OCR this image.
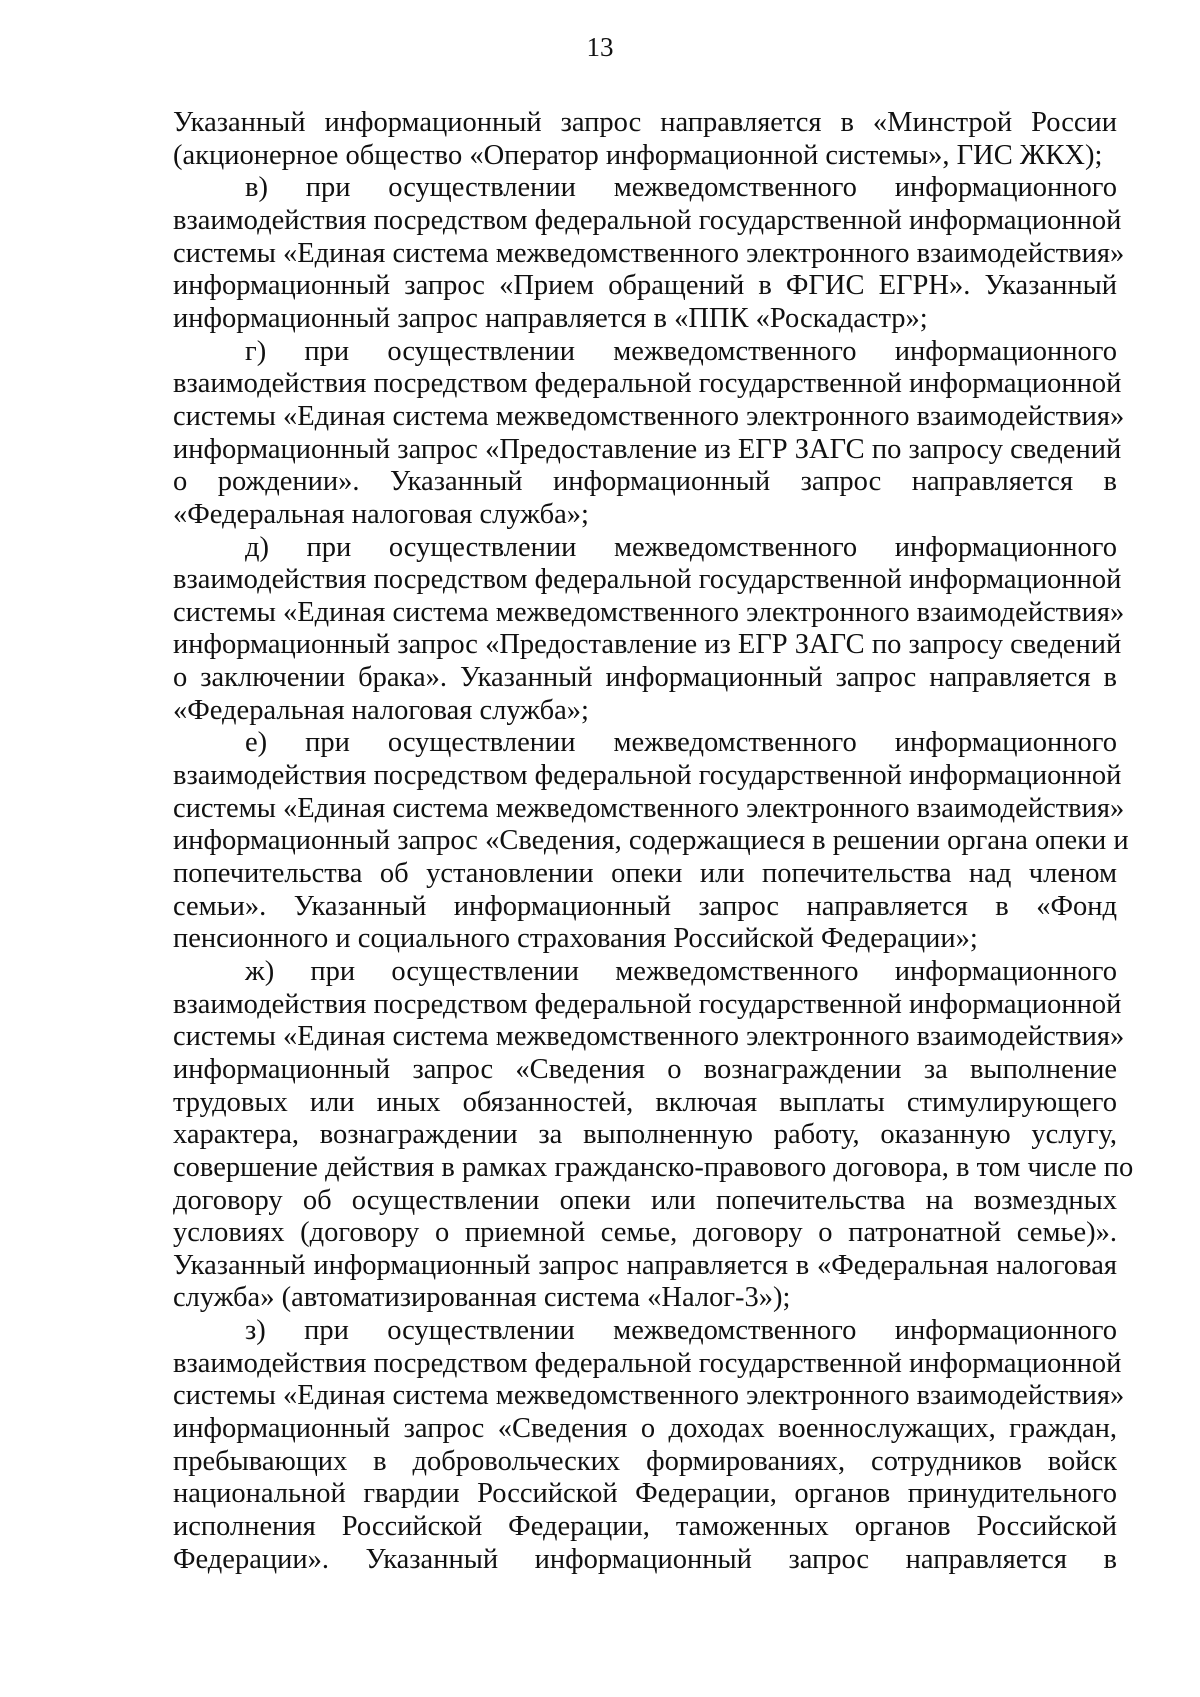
13
Указанный информационный запрос направляется в «Минстрой России
(акционерное общество «Оператор информационной системы», ГИС ЖКХ);
в) при осуществлении межведомственного информационного
взаимодействия посредством федеральной государственной информационной
системы «Единая система межведомственного электронного взаимодействия»
информационный запрос «Прием обращений в ФГИС ЕГРН». Указанный
информационный запрос направляется в «ППК «Роскадастр»;
г) при осуществлении межведомственного информационного
взаимодействия посредством федеральной государственной информационной
системы «Единая система межведомственного электронного взаимодействия»
информационный запрос «Предоставление из ЕГР ЗАГС по запросу сведений
о рождении». Указанный информационный запрос направляется в
«Федеральная налоговая служба»;
д) при осуществлении межведомственного информационного
взаимодействия посредством федеральной государственной информационной
системы «Единая система межведомственного электронного взаимодействия»
информационный запрос «Предоставление из ЕГР ЗАГС по запросу сведений
о заключении брака». Указанный информационный запрос направляется в
«Федеральная налоговая служба»;
е) при осуществлении межведомственного информационного
взаимодействия посредством федеральной государственной информационной
системы «Единая система межведомственного электронного взаимодействия»
информационный запрос «Сведения, содержащиеся в решении органа опеки и
попечительства об установлении опеки или попечительства над членом
семьи». Указанный информационный запрос направляется в «Фонд
пенсионного и социального страхования Российской Федерации»;
ж) при осуществлении межведомственного информационного
взаимодействия посредством федеральной государственной информационной
системы «Единая система межведомственного электронного взаимодействия»
информационный запрос «Сведения о вознаграждении за выполнение
трудовых или иных обязанностей, включая выплаты стимулирующего
характера, вознаграждении за выполненную работу, оказанную услугу,
совершение действия в рамках гражданско-правового договора, в том числе по
договору об осуществлении опеки или попечительства на возмездных
условиях (договору о приемной семье, договору о патронатной семье)».
Указанный информационный запрос направляется в «Федеральная налоговая
служба» (автоматизированная система «Налог-3»);
з) при осуществлении межведомственного информационного
взаимодействия посредством федеральной государственной информационной
системы «Единая система межведомственного электронного взаимодействия»
информационный запрос «Сведения о доходах военнослужащих, граждан,
пребывающих в добровольческих формированиях, сотрудников войск
национальной гвардии Российской Федерации, органов принудительного
исполнения Российской Федерации, таможенных органов Российской
Федерации». Указанный информационный запрос направляется в
